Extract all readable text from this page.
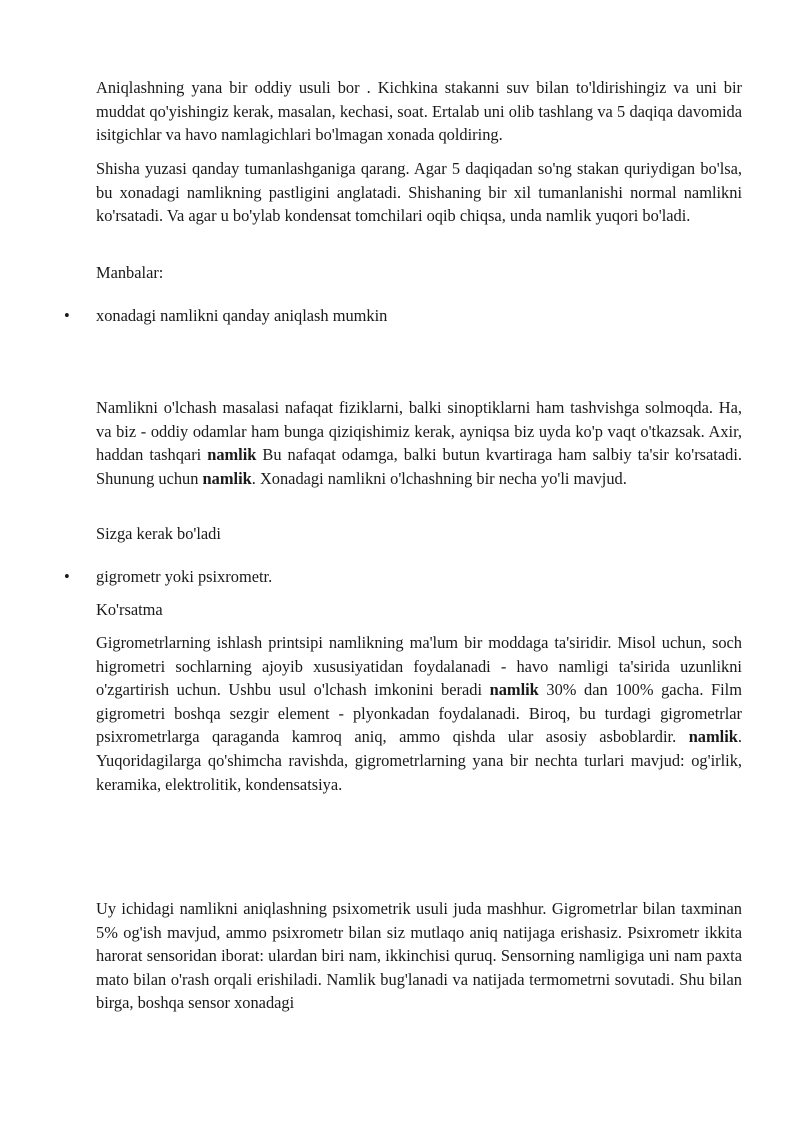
Aniqlashning yana bir oddiy usuli bor . Kichkina stakanni suv bilan to'ldirishingiz va uni bir muddat qo'yishingiz kerak, masalan, kechasi, soat. Ertalab uni olib tashlang va 5 daqiqa davomida isitgichlar va havo namlagichlari bo'lmagan xonada qoldiring.

Shisha yuzasi qanday tumanlashganiga qarang. Agar 5 daqiqadan so'ng stakan quriydigan bo'lsa, bu xonadagi namlikning pastligini anglatadi. Shishaning bir xil tumanlanishi normal namlikni ko'rsatadi. Va agar u bo'ylab kondensat tomchilari oqib chiqsa, unda namlik yuqori bo'ladi.

Manbalar:

•	xonadagi namlikni qanday aniqlash mumkin

Namlikni o'lchash masalasi nafaqat fiziklarni, balki sinoptiklarni ham tashvishga solmoqda. Ha, va biz - oddiy odamlar ham bunga qiziqishimiz kerak, ayniqsa biz uyda ko'p vaqt o'tkazsak. Axir, haddan tashqari namlik Bu nafaqat odamga, balki butun kvartiraga ham salbiy ta'sir ko'rsatadi. Shunung uchun namlik. Xonadagi namlikni o'lchashning bir necha yo'li mavjud.

Sizga kerak bo'ladi

•	gigrometr yoki psixrometr.

Ko'rsatma

Gigrometrlarning ishlash printsipi namlikning ma'lum bir moddaga ta'siridir. Misol uchun, soch higrometri sochlarning ajoyib xususiyatidan foydalanadi - havo namligi ta'sirida uzunlikni o'zgartirish uchun. Ushbu usul o'lchash imkonini beradi namlik 30% dan 100% gacha. Film gigrometri boshqa sezgir element - plyonkadan foydalanadi. Biroq, bu turdagi gigrometrlar psixrometrlarga qaraganda kamroq aniq, ammo qishda ular asosiy asboblardir. namlik. Yuqoridagilarga qo'shimcha ravishda, gigrometrlarning yana bir nechta turlari mavjud: og'irlik, keramika, elektrolitik, kondensatsiya.

Uy ichidagi namlikni aniqlashning psixometrik usuli juda mashhur. Gigrometrlar bilan taxminan 5% og'ish mavjud, ammo psixrometr bilan siz mutlaqo aniq natijaga erishasiz. Psixrometr ikkita harorat sensoridan iborat: ulardan biri nam, ikkinchisi quruq. Sensorning namligiga uni nam paxta mato bilan o'rash orqali erishiladi. Namlik bug'lanadi va natijada termometrni sovutadi. Shu bilan birga, boshqa sensor xonadagi
